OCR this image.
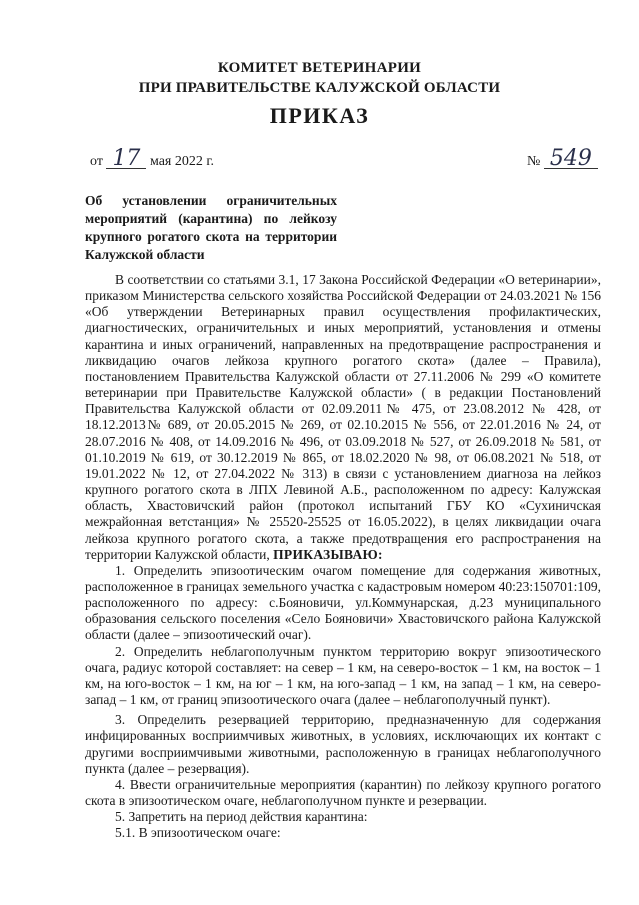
КОМИТЕТ ВЕТЕРИНАРИИ
ПРИ ПРАВИТЕЛЬСТВЕ КАЛУЖСКОЙ ОБЛАСТИ
ПРИКАЗ
от 17 мая 2022 г.	№ 549
Об установлении ограничительных мероприятий (карантина) по лейкозу крупного рогатого скота на территории Калужской области

В соответствии со статьями 3.1, 17 Закона Российской Федерации «О ветеринарии», приказом Министерства сельского хозяйства Российской Федерации от 24.03.2021 № 156 «Об утверждении Ветеринарных правил осуществления профилактических, диагностических, ограничительных и иных мероприятий, установления и отмены карантина и иных ограничений, направленных на предотвращение распространения и ликвидацию очагов лейкоза крупного рогатого скота» (далее – Правила), постановлением Правительства Калужской области от 27.11.2006 № 299 «О комитете ветеринарии при Правительстве Калужской области» ( в редакции Постановлений Правительства Калужской области от 02.09.2011№ 475, от 23.08.2012 № 428, от 18.12.2013№ 689, от 20.05.2015 № 269, от 02.10.2015 № 556, от 22.01.2016 № 24, от 28.07.2016 № 408, от 14.09.2016 № 496, от 03.09.2018 № 527, от 26.09.2018 № 581, от 01.10.2019 № 619, от 30.12.2019 № 865, от 18.02.2020 № 98, от 06.08.2021 № 518, от 19.01.2022 № 12, от 27.04.2022 № 313) в связи с установлением диагноза на лейкоз крупного рогатого скота в ЛПХ Левиной А.Б., расположенном по адресу: Калужская область, Хвастовичский район (протокол испытаний ГБУ КО «Сухиничская межрайонная ветстанция» № 25520-25525 от 16.05.2022), в целях ликвидации очага лейкоза крупного рогатого скота, а также предотвращения его распространения на территории Калужской области, ПРИКАЗЫВАЮ:

1. Определить эпизоотическим очагом помещение для содержания животных, расположенное в границах земельного участка с кадастровым номером 40:23:150701:109, расположенного по адресу: с.Бояновичи, ул.Коммунарская, д.23 муниципального образования сельского поселения «Село Бояновичи» Хвастовичского района Калужской области (далее – эпизоотический очаг).

2. Определить неблагополучным пунктом территорию вокруг эпизоотического очага, радиус которой составляет: на север – 1 км, на северо-восток – 1 км, на восток – 1 км, на юго-восток – 1 км, на юг – 1 км, на юго-запад – 1 км, на запад – 1 км, на северо-запад – 1 км, от границ эпизоотического очага (далее – неблагополучный пункт).

3. Определить резервацией территорию, предназначенную для содержания инфицированных восприимчивых животных, в условиях, исключающих их контакт с другими восприимчивыми животными, расположенную в границах неблагополучного пункта (далее – резервация).

4. Ввести ограничительные мероприятия (карантин) по лейкозу крупного рогатого скота в эпизоотическом очаге, неблагополучном пункте и резервации.

5. Запретить на период действия карантина:

5.1. В эпизоотическом очаге:
